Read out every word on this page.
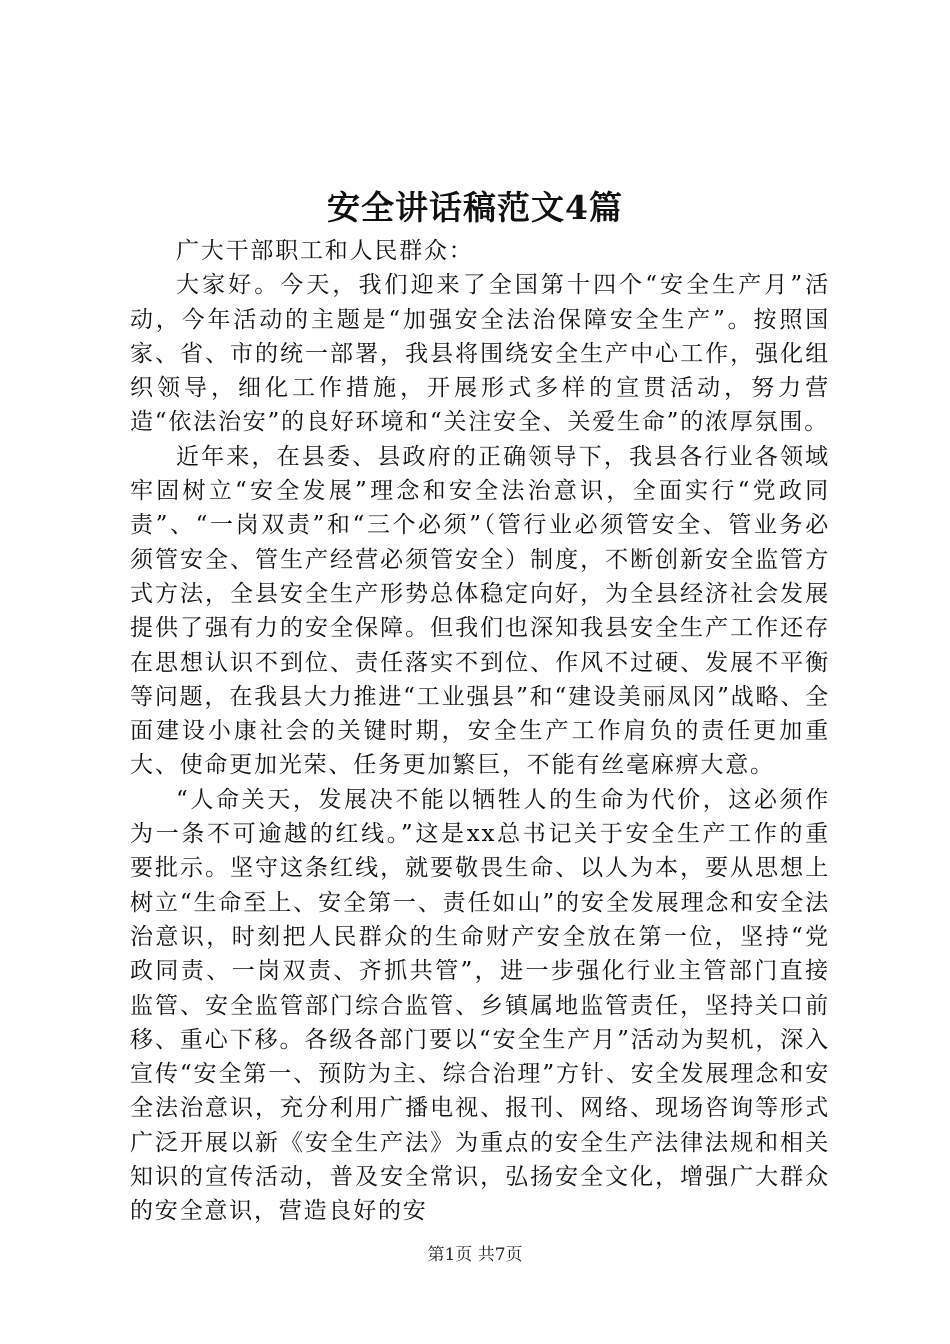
安全讲话稿范文4篇

广大干部职工和人民群众：

大家好。今天，我们迎来了全国第十四个“安全生产月”活动，今年活动的主题是“加强安全法治保障安全生产”。按照国家、省、市的统一部署，我县将围绕安全生产中心工作，强化组织领导，细化工作措施，开展形式多样的宣贯活动，努力营造“依法治安”的良好环境和“关注安全、关爱生命”的浓厚氛围。

近年来，在县委、县政府的正确领导下，我县各行业各领域牢固树立“安全发展”理念和安全法治意识，全面实行“党政同责”、“一岗双责”和“三个必须”（管行业必须管安全、管业务必须管安全、管生产经营必须管安全）制度，不断创新安全监管方式方法，全县安全生产形势总体稳定向好，为全县经济社会发展提供了强有力的安全保障。但我们也深知我县安全生产工作还存在思想认识不到位、责任落实不到位、作风不过硬、发展不平衡等问题，在我县大力推进“工业强县”和“建设美丽凤冈”战略、全面建设小康社会的关键时期，安全生产工作肩负的责任更加重大、使命更加光荣、任务更加繁巨，不能有丝毫麻痹大意。

“人命关天，发展决不能以牺牲人的生命为代价，这必须作为一条不可逾越的红线。”这是xx总书记关于安全生产工作的重要批示。坚守这条红线，就要敬畏生命、以人为本，要从思想上树立“生命至上、安全第一、责任如山”的安全发展理念和安全法治意识，时刻把人民群众的生命财产安全放在第一位，坚持“党政同责、一岗双责、齐抓共管”，进一步强化行业主管部门直接监管、安全监管部门综合监管、乡镇属地监管责任，坚持关口前移、重心下移。各级各部门要以“安全生产月”活动为契机，深入宣传“安全第一、预防为主、综合治理”方针、安全发展理念和安全法治意识，充分利用广播电视、报刊、网络、现场咨询等形式广泛开展以新《安全生产法》为重点的安全生产法律法规和相关知识的宣传活动，普及安全常识，弘扬安全文化，增强广大群众的安全意识，营造良好的安

第1页 共7页
